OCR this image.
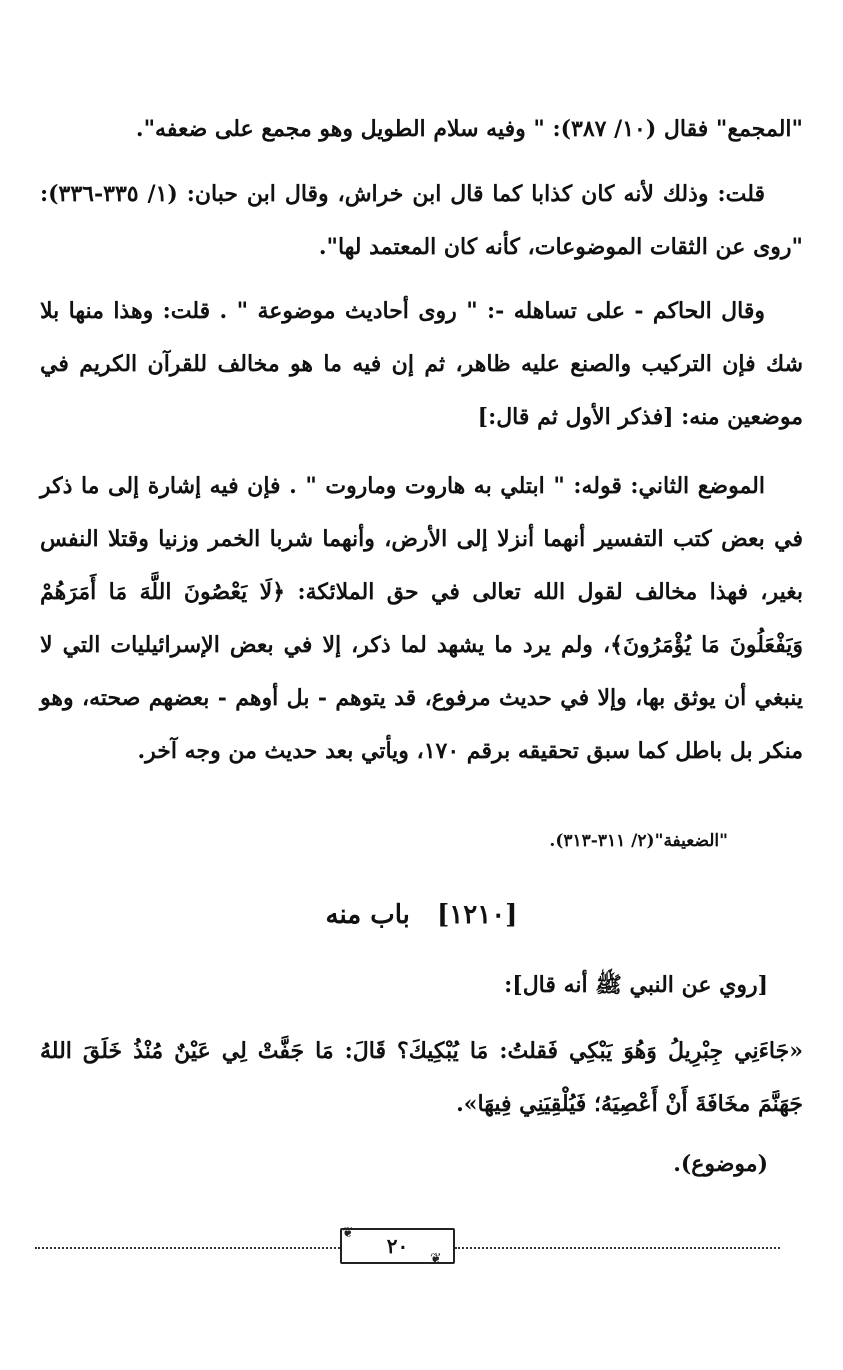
"المجمع" فقال (١٠/ ٣٨٧): " وفيه سلام الطويل وهو مجمع على ضعفه".

قلت: وذلك لأنه كان كذابا كما قال ابن خراش، وقال ابن حبان: (١/ ٣٣٥-٣٣٦): "روى عن الثقات الموضوعات، كأنه كان المعتمد لها".

وقال الحاكم - على تساهله -: " روى أحاديث موضوعة " . قلت: وهذا منها بلا شك فإن التركيب والصنع عليه ظاهر، ثم إن فيه ما هو مخالف للقرآن الكريم في موضعين منه: [فذكر الأول ثم قال:]

الموضع الثاني: قوله: " ابتلي به هاروت وماروت " . فإن فيه إشارة إلى ما ذكر في بعض كتب التفسير أنهما أنزلا إلى الأرض، وأنهما شربا الخمر وزنيا وقتلا النفس بغير، فهذا مخالف لقول الله تعالى في حق الملائكة: ﴿لَا يَعْصُونَ اللَّهَ مَا أَمَرَهُمْ وَيَفْعَلُونَ مَا يُؤْمَرُونَ﴾، ولم يرد ما يشهد لما ذكر، إلا في بعض الإسرائيليات التي لا ينبغي أن يوثق بها، وإلا في حديث مرفوع، قد يتوهم - بل أوهم - بعضهم صحته، وهو منكر بل باطل كما سبق تحقيقه برقم ١٧٠، ويأتي بعد حديث من وجه آخر.

"الضعيفة"(٢/ ٣١١-٣١٣).

[١٢١٠] باب منه

[روي عن النبي ﷺ أنه قال]:

«جَاءَنِي جِبْرِيلُ وَهُوَ يَبْكِي فَقلتُ: مَا يُبْكِيكَ؟ قَالَ: مَا جَفَّتْ لِي عَيْنٌ مُنْذُ خَلَقَ اللهُ جَهَنَّمَ مخَافَةَ أَنْ أَعْصِيَهُ؛ فَيُلْقِيَنِي فِيهَا».

(موضوع).

❦
❦
٢٠
